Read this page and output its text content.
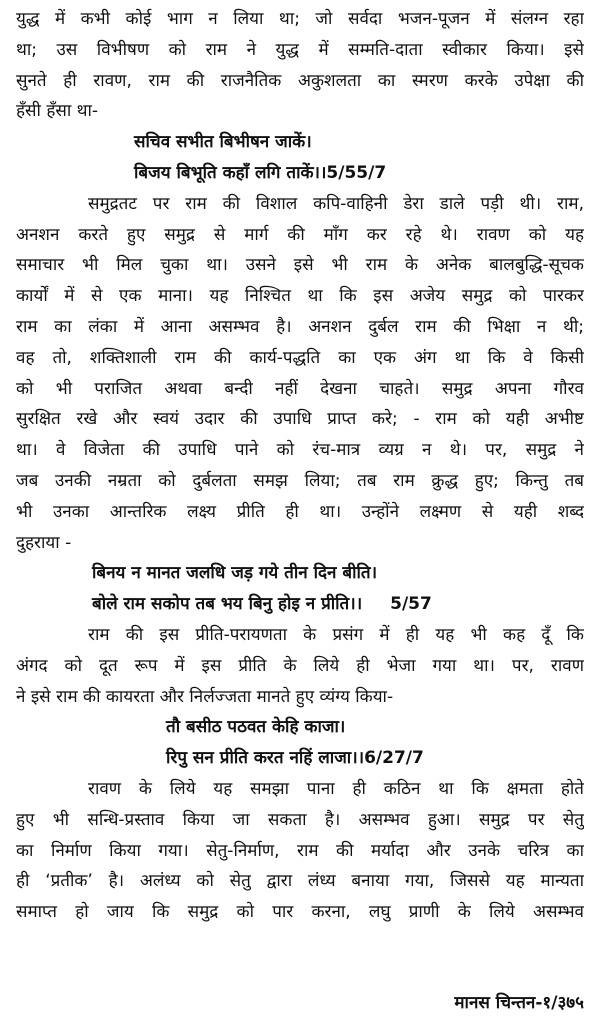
युद्ध में कभी कोई भाग न लिया था; जो सर्वदा भजन-पूजन में संलग्न रहा
था; उस विभीषण को राम ने युद्ध में सम्मति-दाता स्वीकार किया। इसे
सुनते ही रावण, राम की राजनैतिक अकुशलता का स्मरण करके उपेक्षा की
हँसी हँसा था-
सचिव सभीत बिभीषन जाकें।
बिजय बिभूति कहाँ लगि ताकें।।5/55/7
समुद्रतट पर राम की विशाल कपि-वाहिनी डेरा डाले पड़ी थी। राम,
अनशन करते हुए समुद्र से मार्ग की माँग कर रहे थे। रावण को यह
समाचार भी मिल चुका था। उसने इसे भी राम के अनेक बालबुद्धि-सूचक
कार्यों में से एक माना। यह निश्चित था कि इस अजेय समुद्र को पारकर
राम का लंका में आना असम्भव है। अनशन दुर्बल राम की भिक्षा न थी;
वह तो, शक्तिशाली राम की कार्य-पद्धति का एक अंग था कि वे किसी
को भी पराजित अथवा बन्दी नहीं देखना चाहते। समुद्र अपना गौरव
सुरक्षित रखे और स्वयं उदार की उपाधि प्राप्त करे; - राम को यही अभीष्ट
था। वे विजेता की उपाधि पाने को रंच-मात्र व्यग्र न थे। पर, समुद्र ने
जब उनकी नम्रता को दुर्बलता समझ लिया; तब राम क्रुद्ध हुए; किन्तु तब
भी उनका आन्तरिक लक्ष्य प्रीति ही था। उन्होंने लक्ष्मण से यही शब्द
दुहराया -
बिनय न मानत जलधि जड़ गये तीन दिन बीति।
बोले राम सकोप तब भय बिनु होइ न प्रीति।। 5/57
राम की इस प्रीति-परायणता के प्रसंग में ही यह भी कह दूँ कि
अंगद को दूत रूप में इस प्रीति के लिये ही भेजा गया था। पर, रावण
ने इसे राम की कायरता और निर्लज्जता मानते हुए व्यंग्य किया-
तौ बसीठ पठवत केहि काजा।
रिपु सन प्रीति करत नहिं लाजा।।6/27/7
रावण के लिये यह समझा पाना ही कठिन था कि क्षमता होते
हुए भी सन्धि-प्रस्ताव किया जा सकता है। असम्भव हुआ। समुद्र पर सेतु
का निर्माण किया गया। सेतु-निर्माण, राम की मर्यादा और उनके चरित्र का
ही ‘प्रतीक’ है। अलंध्य को सेतु द्वारा लंध्य बनाया गया, जिससे यह मान्यता
समाप्त हो जाय कि समुद्र को पार करना, लघु प्राणी के लिये असम्भव
मानस चिन्तन-१/३७५
